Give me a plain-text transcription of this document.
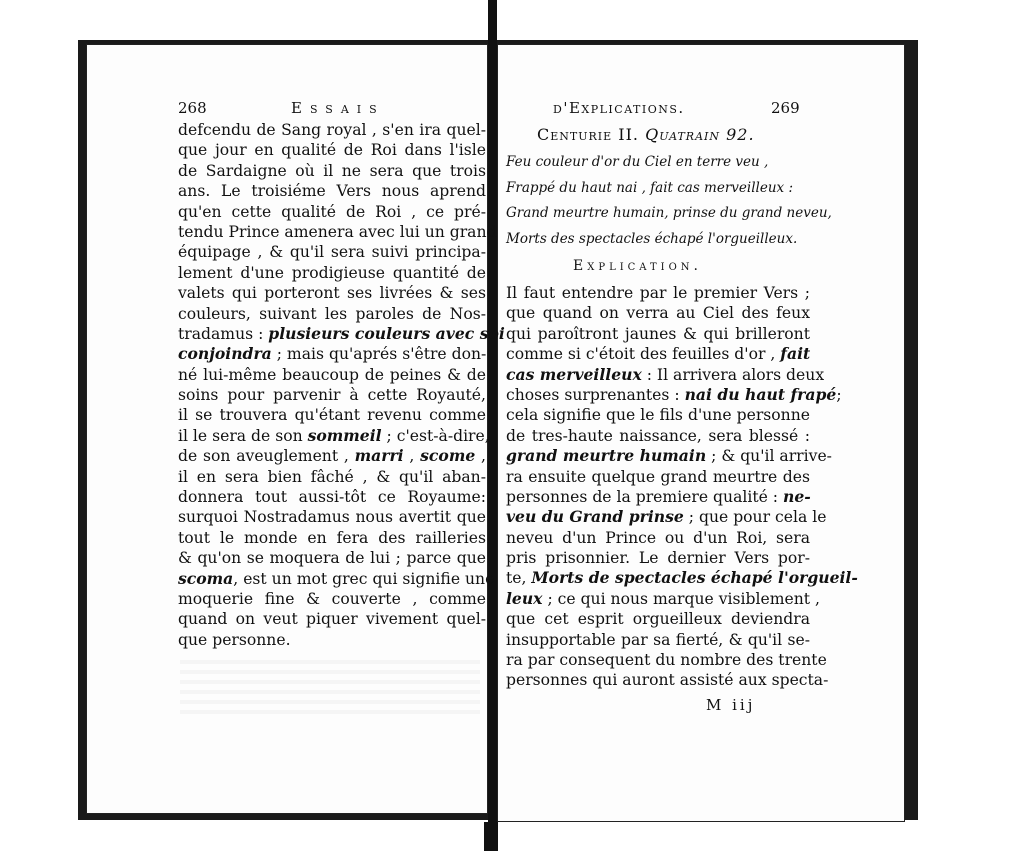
268	Essais
defcendu de Sang royal , s'en ira quel-
que jour en qualité de Roi dans l'isle
de Sardaigne où il ne sera que trois
ans. Le troisiéme Vers nous aprend
qu'en cette qualité de Roi , ce pré-
tendu Prince amenera avec lui un grand
équipage , & qu'il sera suivi principa-
lement d'une prodigieuse quantité de
valets qui porteront ses livrées & ses
couleurs, suivant les paroles de Nos-
tradamus : plusieurs couleurs avec soi
conjoindra ; mais qu'aprés s'être don-
né lui-même beaucoup de peines & de
soins pour parvenir à cette Royauté,
il se trouvera qu'étant revenu comme
il le sera de son sommeil ; c'est-à-dire,
de son aveuglement , marri , scome ,
il en sera bien fâché , & qu'il aban-
donnera tout aussi-tôt ce Royaume:
surquoi Nostradamus nous avertit que
tout le monde en fera des railleries
& qu'on se moquera de lui ; parce que
scoma, est un mot grec qui signifie une
moquerie fine & couverte , comme
quand on veut piquer vivement quel-
que personne.
d'Explications.	269
Centurie II. Quatrain 92.
Feu couleur d'or du Ciel en terre veu ,
Frappé du haut nai , fait cas merveilleux :
Grand meurtre humain, prinse du grand neveu,
Morts des spectacles échapé l'orgueilleux.
Explication.
Il faut entendre par le premier Vers ;
que quand on verra au Ciel des feux
qui paroîtront jaunes & qui brilleront
comme si c'étoit des feuilles d'or , fait
cas merveilleux : Il arrivera alors deux
choses surprenantes : nai du haut frapé;
cela signifie que le fils d'une personne
de tres-haute naissance, sera blessé :
grand meurtre humain ; & qu'il arrive-
ra ensuite quelque grand meurtre des
personnes de la premiere qualité : ne-
veu du Grand prinse ; que pour cela le
neveu d'un Prince ou d'un Roi, sera
pris prisonnier. Le dernier Vers por-
te, Morts de spectacles échapé l'orgueil-
leux ; ce qui nous marque visiblement ,
que cet esprit orgueilleux deviendra
insupportable par sa fierté, & qu'il se-
ra par consequent du nombre des trente
personnes qui auront assisté aux specta-
M iij
